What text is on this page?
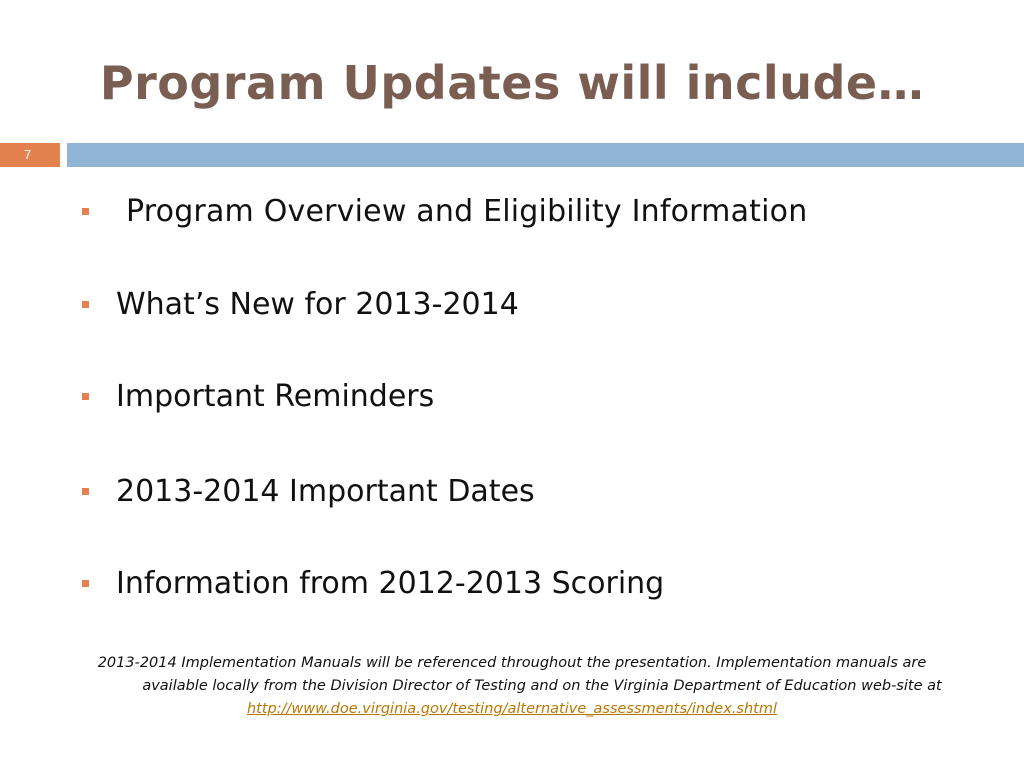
Program Updates will include…
7
Program Overview and Eligibility Information
What’s New for 2013-2014
Important Reminders
2013-2014 Important Dates
Information from 2012-2013 Scoring
2013-2014 Implementation Manuals will be referenced throughout the presentation. Implementation manuals are
available locally from the Division Director of Testing and on the Virginia Department of Education web-site at
http://www.doe.virginia.gov/testing/alternative_assessments/index.shtml
